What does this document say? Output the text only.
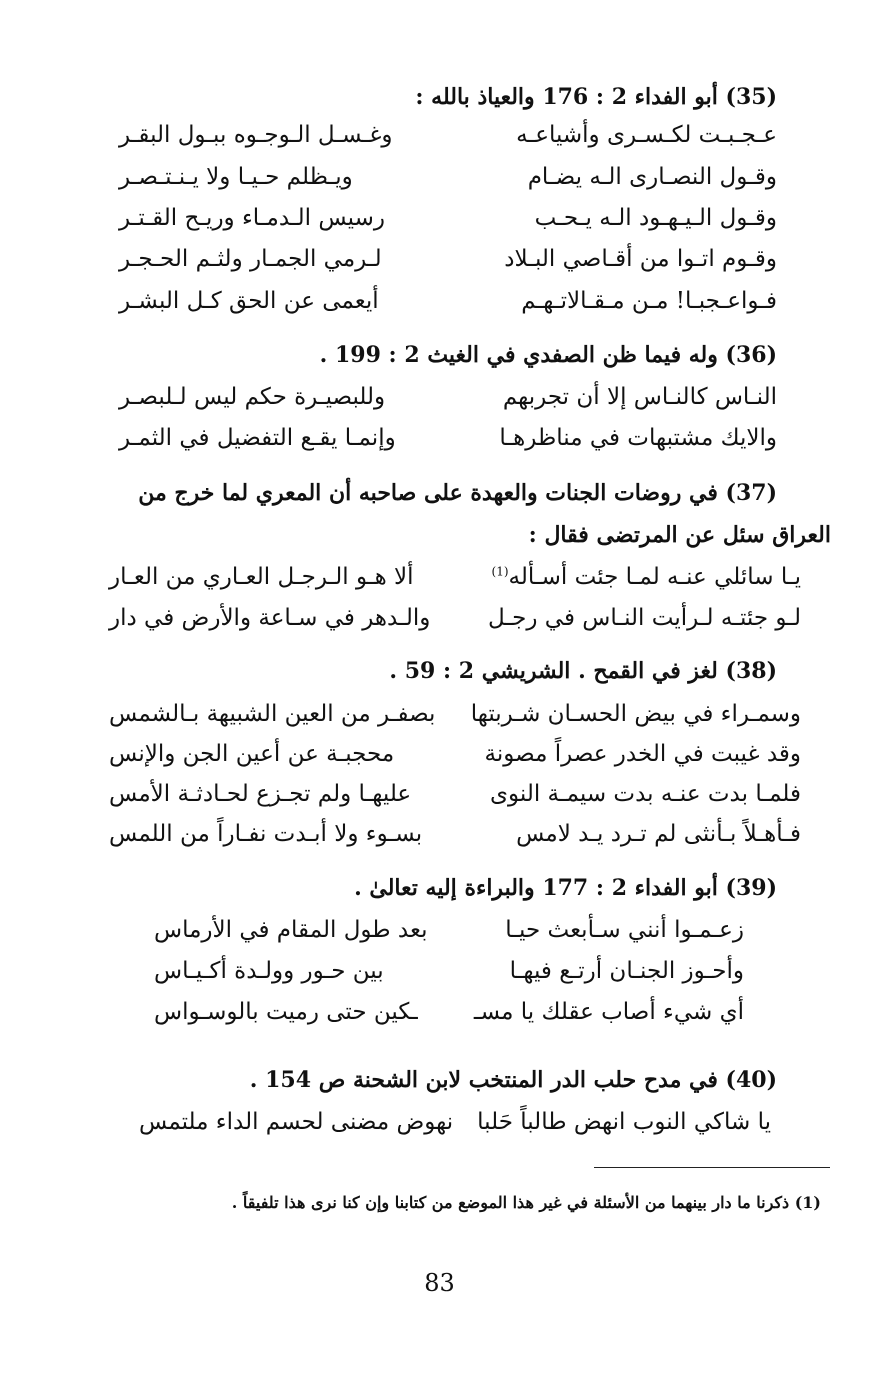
(35) أبو الفداء 2 : 176 والعياذ بالله :
عـجـبـت لكـسـرى وأشياعـه
وغـسـل الـوجـوه ببـول البقـر
وقـول النصـارى الـه يضـام
ويـظلم حـيـا ولا يـنـتـصـر
وقـول الـيـهـود الـه يـحـب
رسيس الـدمـاء وريـح القـتـر
وقـوم اتـوا من أقـاصي البـلاد
لـرمي الجمـار ولثـم الحـجـر
فـواعـجبـا! مـن مـقـالاتـهـم
أيعمى عن الحق كـل البشـر
(36) وله فيما ظن الصفدي في الغيث 2 : 199 .
النـاس كالنـاس إلا أن تجربهم
وللبصيـرة حكم ليس لـلبصـر
والايك مشتبهات في مناظرهـا
وإنمـا يقـع التفضيل في الثمـر
(37) في روضات الجنات والعهدة على صاحبه أن المعري لما خرج من
العراق سئل عن المرتضى فقال :
يـا سائلي عنـه لمـا جئت أسـأله$^{(1)}$
ألا هـو الـرجـل العـاري من العـار
لـو جئتـه لـرأيت النـاس في رجـل
والـدهر في سـاعة والأرض في دار
(38) لغز في القمح . الشريشي 2 : 59 .
وسمـراء في بيض الحسـان شـربتها
بصفـر من العين الشبيهة بـالشمس
وقد غيبت في الخدر عصراً مصونة
محجبـة عن أعين الجن والإنس
فلمـا بدت عنـه بدت سيمـة النوى
عليهـا ولم تجـزع لحـادثـة الأمس
فـأهـلاً بـأنثى لم تـرد يـد لامس
بسـوء ولا أبـدت نفـاراً من اللمس
(39) أبو الفداء 2 : 177 والبراءة إليه تعالىٰ .
زعـمـوا أنني سـأبعث حيـا
بعد طول المقام في الأرماس
وأحـوز الجنـان أرتـع فيهـا
بين حـور وولـدة أكـيـاس
أي شيء أصاب عقلك يا مسـ
ـكين حتى رميت بالوسـواس
(40) في مدح حلب الدر المنتخب لابن الشحنة ص 154 .
يا شاكي النوب انهض طالباً حَلبا
نهوض مضنى لحسم الداء ملتمس
(1) ذكرنا ما دار بينهما من الأسئلة في غير هذا الموضع من كتابنا وإن كنا نرى هذا تلفيقاً .
83
